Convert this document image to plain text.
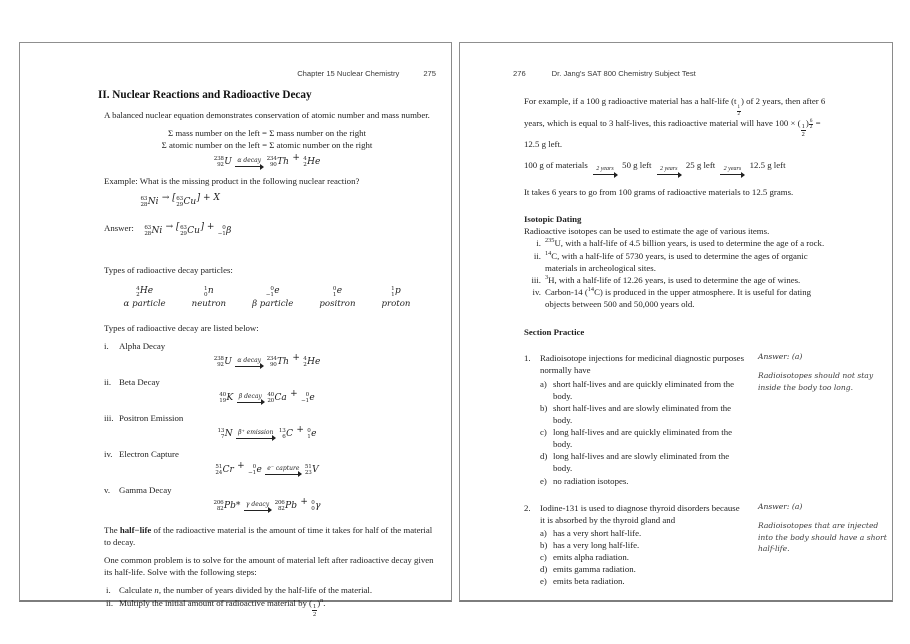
Chapter 15 Nuclear Chemistry	275
II. Nuclear Reactions and Radioactive Decay

A balanced nuclear equation demonstrates conservation of atomic number and mass number.

Σ mass number on the left = Σ mass number on the right
Σ atomic number on the left = Σ atomic number on the right
238
92 U α decay 234
90 Th + 4
2 He

Example: What is the missing product in the following nuclear reaction?

63
28 Ni → [ 63
29 Cu ] + X
Answer: 63
28 Ni → [ 63
29 Cu ] + 0
−1 β

Types of radioactive decay particles:

4
2 He
α particle
1
0 n
neutron
0
−1 e
β particle
0
1 e
positron
1
1 p
proton

Types of radioactive decay are listed below:

i.	Alpha Decay
238
92 U α decay 234
90 Th + 4
2 He
ii. Beta Decay
40
19 K β decay 40
20 Ca + 0
−1 e
iii. Positron Emission
13
7 N β⁺ emission 13
6 C + 0
1 e
iv. Electron Capture
51
24 Cr + 0
−1 e e⁻ capture 51
23 V
v.	Gamma Decay
206
82 Pb* γ deacy 206
82 Pb + 0
0 γ

The half−life of the radioactive material is the amount of time it takes for half of the material to decay.

One common problem is to solve for the amount of material left after radioactive decay given its half-life. Solve with the following steps:

i. Calculate n, the number of years divided by the half-life of the material.
ii. Multiply the initial amount of radioactive material by ( $\frac{1}{2} )^n$.
276	Dr. Jang's SAT 800 Chemistry Subject Test

For example, if a 100 g radioactive material has a half-life (t
$\frac{1}{2}$
) of 2 years, then after 6 years, which is equal to 3 half-lives, this radioactive material will have 100 × ( $\frac{1}{2}$ ) $\frac{6}{2} = 12.5$ g left.

100 g of materials	2 years 50 g left	2 years 25 g left	2 years 12.5 g left

It takes 6 years to go from 100 grams of radioactive materials to 12.5 grams.

Isotopic Dating
Radioactive isotopes can be used to estimate the age of various items.
i. $^{235}$U, with a half-life of 4.5 billion years, is used to determine the age of a rock.
ii. $^{14}$C, with a half-life of 5730 years, is used to determine the ages of organic materials in archeological sites.
iii. $^3$H, with a half-life of 12.26 years, is used to determine the age of wines.
iv. Carbon-14 ($^{14}$C) is produced in the upper atmosphere. It is useful for dating objects between 500 and 50,000 years old.
Section Practice
1.	Radioisotope injections for medicinal diagnostic purposes normally have
a) short half-lives and are quickly eliminated from the body.
b) short half-lives and are slowly eliminated from the body.
c) long half-lives and are quickly eliminated from the body.
d) long half-lives and are slowly eliminated from the body.
e) no radiation isotopes.
Answer: (a)
Radioisotopes should not stay inside the body too long.
2.	Iodine-131 is used to diagnose thyroid disorders because it is absorbed by the thyroid gland and
a) has a very short half-life.
b) has a very long half-life.
c) emits alpha radiation.
d) emits gamma radiation.
e) emits beta radiation.
Answer: (a)
Radioisotopes that are injected into the body should have a short half-life.
